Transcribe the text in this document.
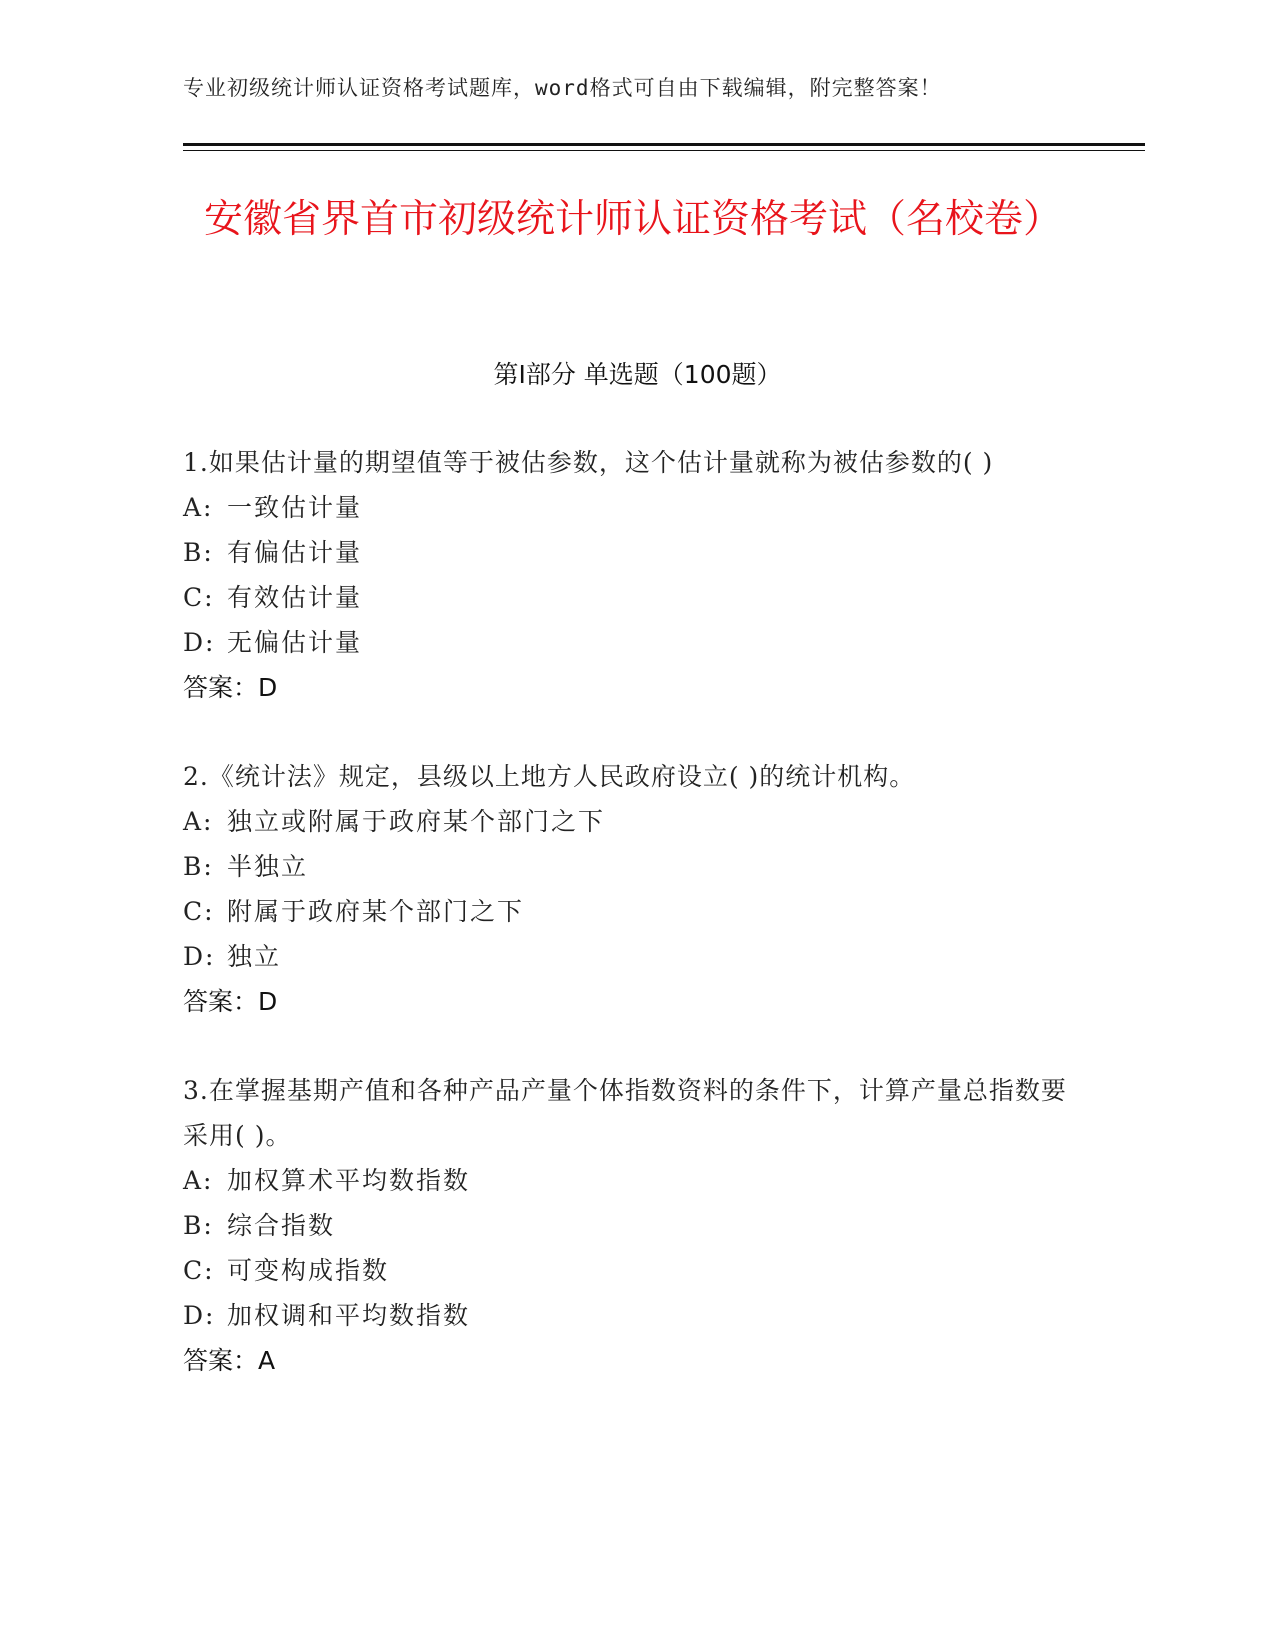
专业初级统计师认证资格考试题库，word格式可自由下载编辑，附完整答案！
安徽省界首市初级统计师认证资格考试（名校卷）
第Ⅰ部分 单选题（100题）
1.如果估计量的期望值等于被估参数，这个估计量就称为被估参数的( )
A: 一致估计量
B: 有偏估计量
C: 有效估计量
D: 无偏估计量
答案：D
2.《统计法》规定，县级以上地方人民政府设立( )的统计机构。
A: 独立或附属于政府某个部门之下
B: 半独立
C: 附属于政府某个部门之下
D: 独立
答案：D
3.在掌握基期产值和各种产品产量个体指数资料的条件下，计算产量总指数要采用( )。
A: 加权算术平均数指数
B: 综合指数
C: 可变构成指数
D: 加权调和平均数指数
答案：A
